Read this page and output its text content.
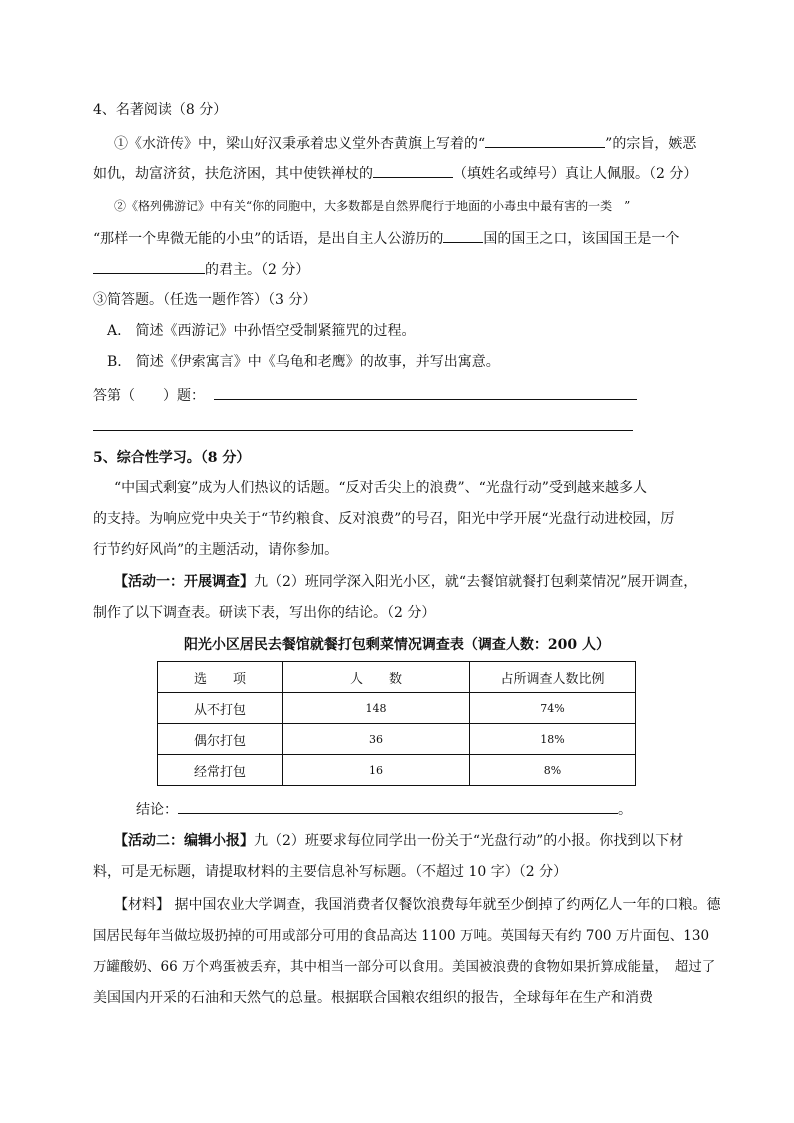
4、名著阅读（8 分）
①《水浒传》中，梁山好汉秉承着忠义堂外杏黄旗上写着的“	”的宗旨，嫉恶
如仇，劫富济贫，扶危济困，其中使铁禅杖的	（填姓名或绰号）真让人佩服。（2 分）
②《格列佛游记》中有关“你的同胞中，大多数都是自然界爬行于地面的小毒虫中最有害的一类　”
“那样一个卑微无能的小虫”的话语，是出自主人公游历的	国的国王之口，该国国王是一个
的君主。（2 分）
③简答题。（任选一题作答）（3 分）
A.　简述《西游记》中孙悟空受制紧箍咒的过程。
B.　简述《伊索寓言》中《乌龟和老鹰》的故事，并写出寓意。
答第（　　）题：
5、综合性学习。（8 分）
“中国式剩宴”成为人们热议的话题。“反对舌尖上的浪费”、“光盘行动”受到越来越多人
的支持。为响应党中央关于“节约粮食、反对浪费”的号召，阳光中学开展“光盘行动进校园，厉
行节约好风尚”的主题活动，请你参加。
【活动一：开展调查】九（2）班同学深入阳光小区，就“去餐馆就餐打包剩菜情况”展开调查，
制作了以下调查表。研读下表，写出你的结论。（2 分）
阳光小区居民去餐馆就餐打包剩菜情况调查表（调查人数：200 人）
选　　项	人　　数	占所调查人数比例
从不打包	148	74%
偶尔打包	36	18%
经常打包	16	8%
结论：	。
【活动二：编辑小报】九（2）班要求每位同学出一份关于“光盘行动”的小报。你找到以下材
料，可是无标题，请提取材料的主要信息补写标题。（不超过 10 字）（2 分）
【材料】 据中国农业大学调查，我国消费者仅餐饮浪费每年就至少倒掉了约两亿人一年的口粮。德
国居民每年当做垃圾扔掉的可用或部分可用的食品高达 1100 万吨。英国每天有约 700 万片面包、130
万罐酸奶、66 万个鸡蛋被丢弃，其中相当一部分可以食用。美国被浪费的食物如果折算成能量，　超过了
美国国内开采的石油和天然气的总量。根据联合国粮农组织的报告，全球每年在生产和消费
